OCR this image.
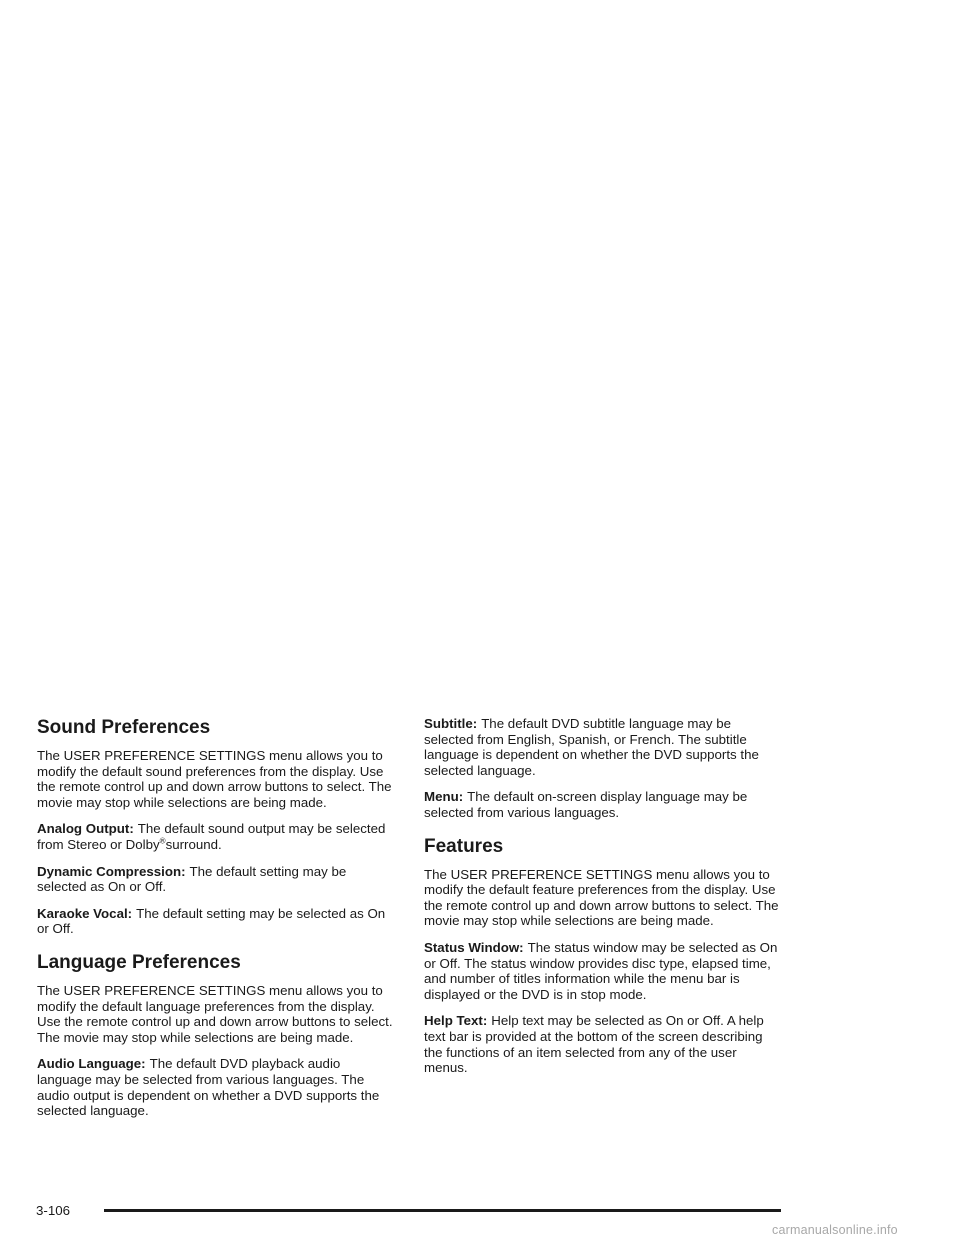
Sound Preferences

The USER PREFERENCE SETTINGS menu allows you to modify the default sound preferences from the display. Use the remote control up and down arrow buttons to select. The movie may stop while selections are being made.

Analog Output: The default sound output may be selected from Stereo or Dolby®surround.

Dynamic Compression: The default setting may be selected as On or Off.

Karaoke Vocal: The default setting may be selected as On or Off.

Language Preferences

The USER PREFERENCE SETTINGS menu allows you to modify the default language preferences from the display. Use the remote control up and down arrow buttons to select. The movie may stop while selections are being made.

Audio Language: The default DVD playback audio language may be selected from various languages. The audio output is dependent on whether a DVD supports the selected language.

Subtitle: The default DVD subtitle language may be selected from English, Spanish, or French. The subtitle language is dependent on whether the DVD supports the selected language.

Menu: The default on-screen display language may be selected from various languages.

Features

The USER PREFERENCE SETTINGS menu allows you to modify the default feature preferences from the display. Use the remote control up and down arrow buttons to select. The movie may stop while selections are being made.

Status Window: The status window may be selected as On or Off. The status window provides disc type, elapsed time, and number of titles information while the menu bar is displayed or the DVD is in stop mode.

Help Text: Help text may be selected as On or Off. A help text bar is provided at the bottom of the screen describing the functions of an item selected from any of the user menus.

3-106
carmanualsonline.info
